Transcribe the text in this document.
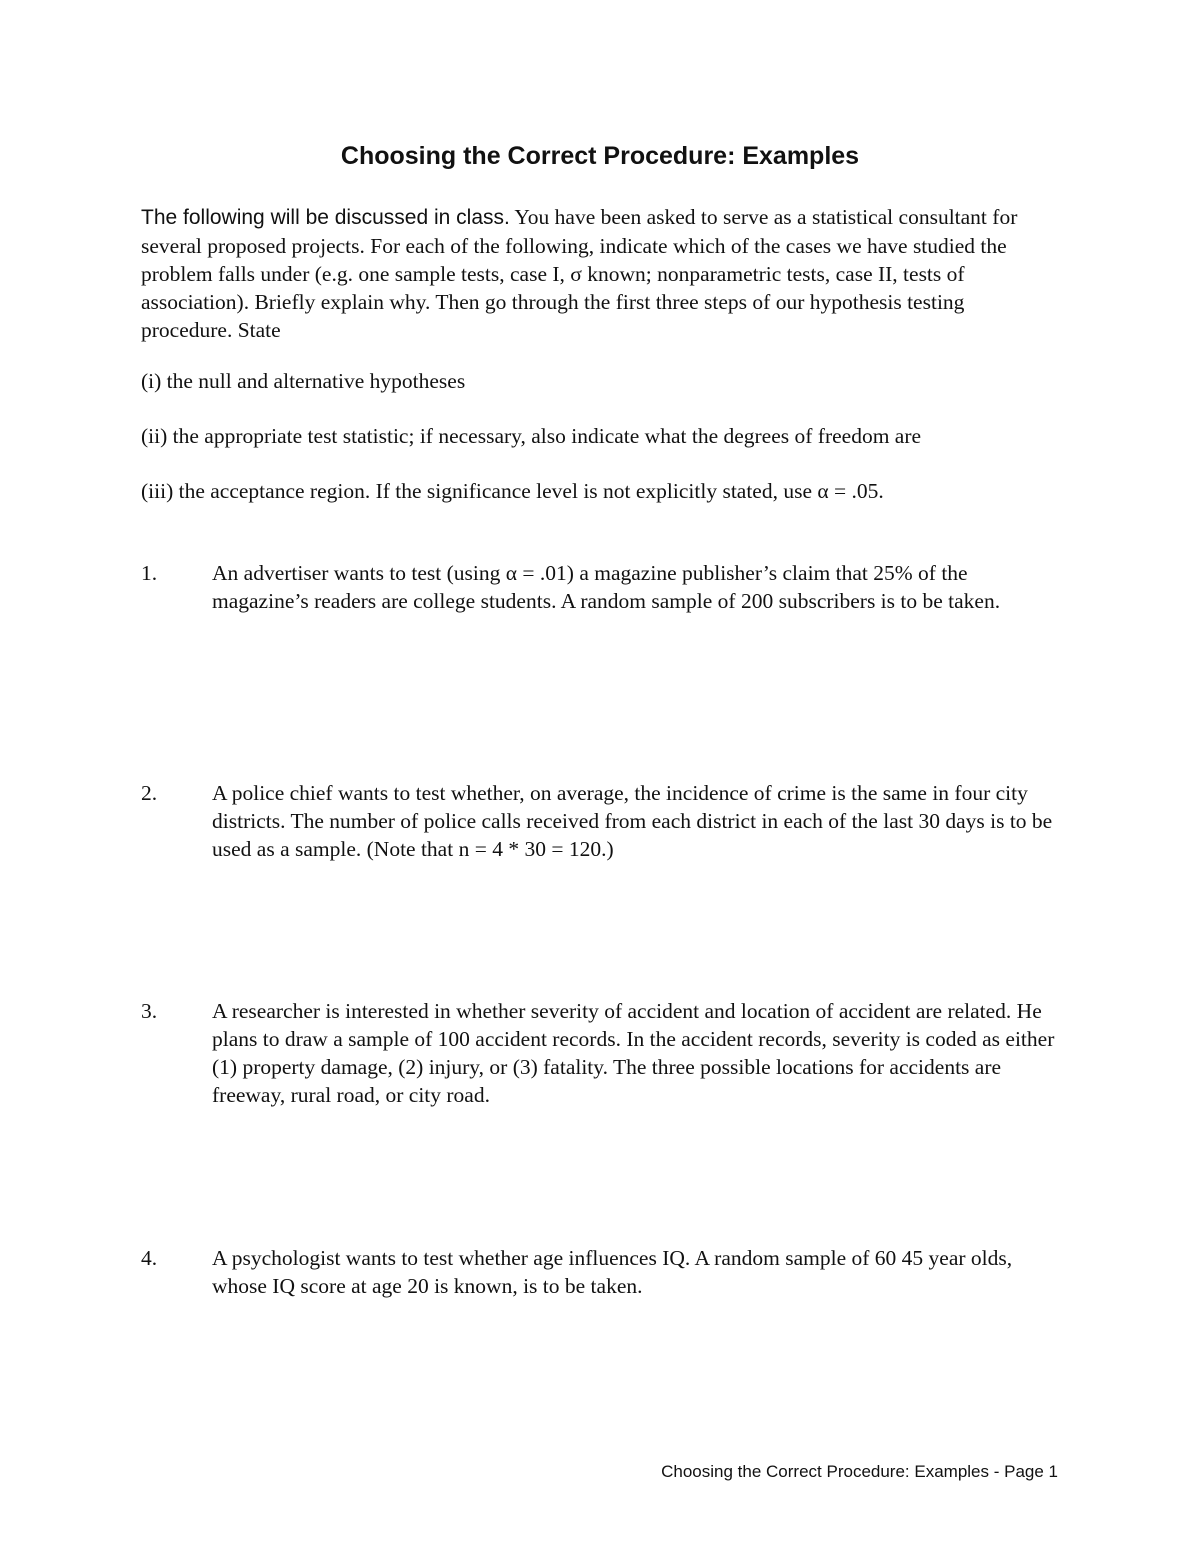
Choosing the Correct Procedure: Examples
The following will be discussed in class. You have been asked to serve as a statistical consultant for several proposed projects. For each of the following, indicate which of the cases we have studied the problem falls under (e.g. one sample tests, case I, σ known; nonparametric tests, case II, tests of association). Briefly explain why. Then go through the first three steps of our hypothesis testing procedure. State
(i) the null and alternative hypotheses
(ii) the appropriate test statistic; if necessary, also indicate what the degrees of freedom are
(iii) the acceptance region. If the significance level is not explicitly stated, use α = .05.
1.	An advertiser wants to test (using α = .01) a magazine publisher’s claim that 25% of the magazine’s readers are college students. A random sample of 200 subscribers is to be taken.
2.	A police chief wants to test whether, on average, the incidence of crime is the same in four city districts. The number of police calls received from each district in each of the last 30 days is to be used as a sample. (Note that n = 4 * 30 = 120.)
3.	A researcher is interested in whether severity of accident and location of accident are related. He plans to draw a sample of 100 accident records. In the accident records, severity is coded as either (1) property damage, (2) injury, or (3) fatality. The three possible locations for accidents are freeway, rural road, or city road.
4.	A psychologist wants to test whether age influences IQ. A random sample of 60 45 year olds, whose IQ score at age 20 is known, is to be taken.
Choosing the Correct Procedure: Examples - Page 1
